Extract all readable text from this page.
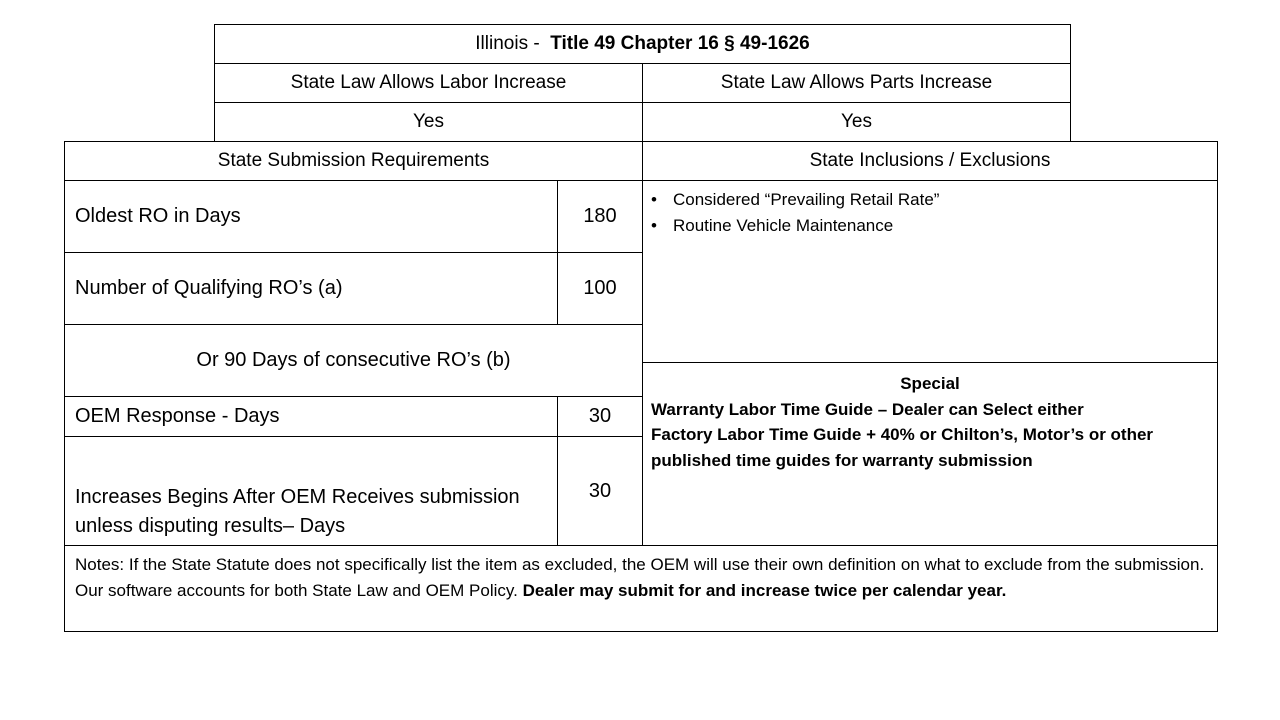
Illinois -
Title 49 Chapter 16 § 49-1626
State Law Allows Labor Increase	State Law Allows Parts Increase
Yes	Yes
State Submission Requirements	State Inclusions / Exclusions
Oldest RO in Days	180
Number of Qualifying RO’s (a)	100
Or 90 Days of consecutive RO’s (b)
OEM Response - Days	30
Increases Begins After OEM Receives submission
unless disputing results– Days
30
• Considered “Prevailing Retail Rate”
• Routine Vehicle Maintenance
Special
Warranty Labor Time Guide – Dealer can Select either
Factory Labor Time Guide + 40% or Chilton’s, Motor’s or other
published time guides for warranty submission
Notes: If the State Statute does not specifically list the item as excluded, the OEM will use their own definition on what to exclude from the submission. Our software accounts for both State Law and OEM Policy. Dealer may submit for and increase twice per calendar year.
